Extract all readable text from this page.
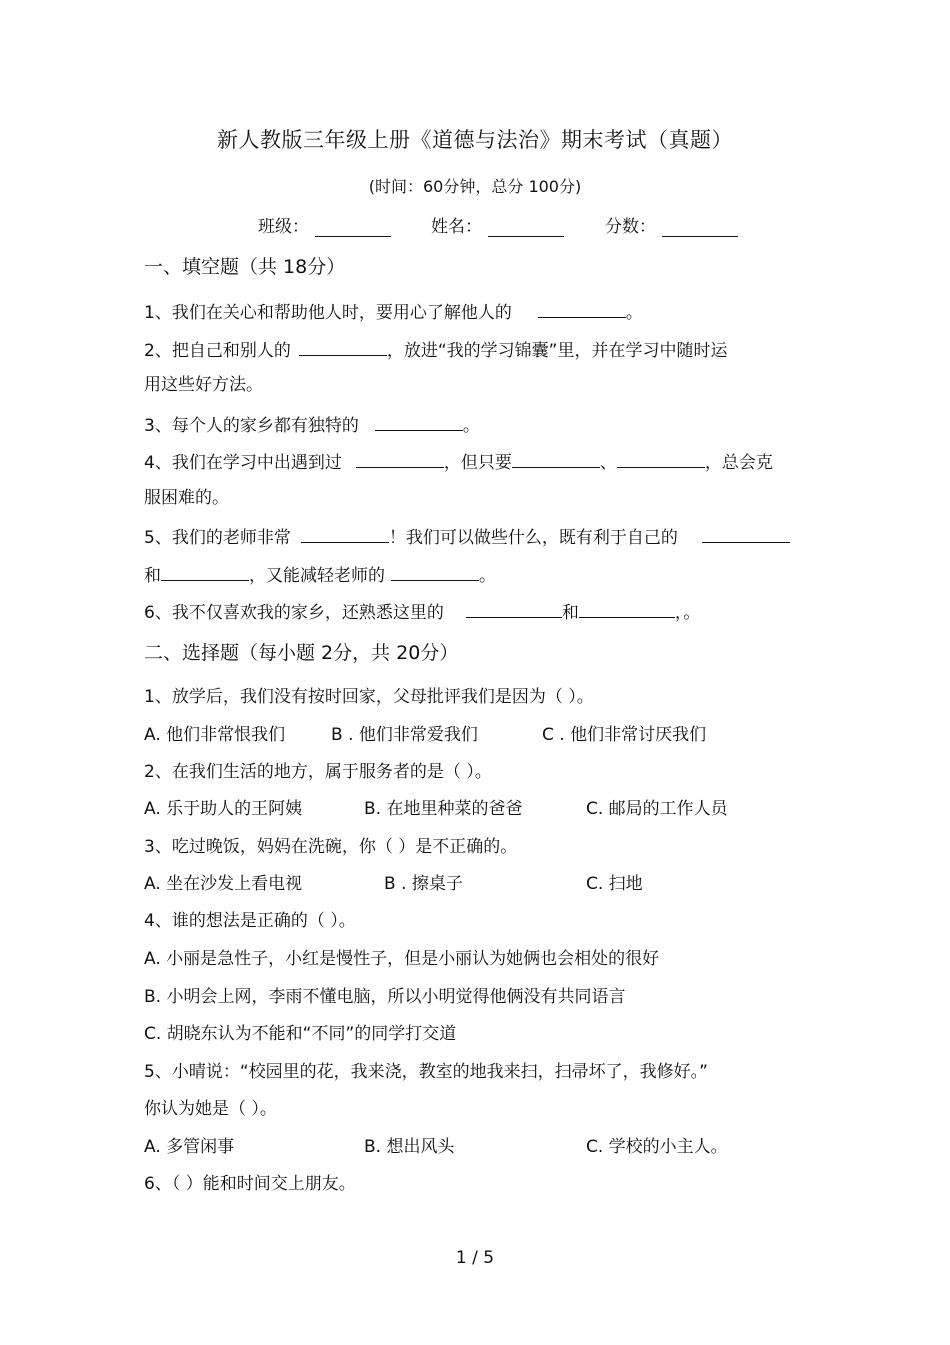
新人教版三年级上册《道德与法治》期末考试（真题）
(时间：60分钟，总分 100分)
班级：	姓名：	分数：
一、填空题（共 18分）
1、我们在关心和帮助他人时，要用心了解他人的	。
2、把自己和别人的	，放进“我的学习锦囊”里，并在学习中随时运
用这些好方法。
3、每个人的家乡都有独特的	。
4、我们在学习中出遇到过	，但只要	、	，总会克
服困难的。
5、我们的老师非常	！我们可以做些什么，既有利于自己的
和	，又能减轻老师的	。
6、我不仅喜欢我的家乡，还熟悉这里的	和	，。
二、选择题（每小题 2分，共 20分）
1、放学后，我们没有按时回家，父母批评我们是因为（ ）。
A. 他们非常恨我们	B . 他们非常爱我们	C . 他们非常讨厌我们
2、在我们生活的地方，属于服务者的是（ ）。
A. 乐于助人的王阿姨	B. 在地里种菜的爸爸	C. 邮局的工作人员
3、吃过晚饭，妈妈在洗碗，你（ ）是不正确的。
A. 坐在沙发上看电视	B . 擦桌子	C. 扫地
4、谁的想法是正确的（ ）。
A. 小丽是急性子，小红是慢性子，但是小丽认为她俩也会相处的很好
B. 小明会上网，李雨不懂电脑，所以小明觉得他俩没有共同语言
C. 胡晓东认为不能和“不同”的同学打交道
5、小晴说：“校园里的花，我来浇，教室的地我来扫，扫帚坏了，我修好。”
你认为她是（ ）。
A. 多管闲事	B. 想出风头	C. 学校的小主人。
6、（ ）能和时间交上朋友。
1 / 5
